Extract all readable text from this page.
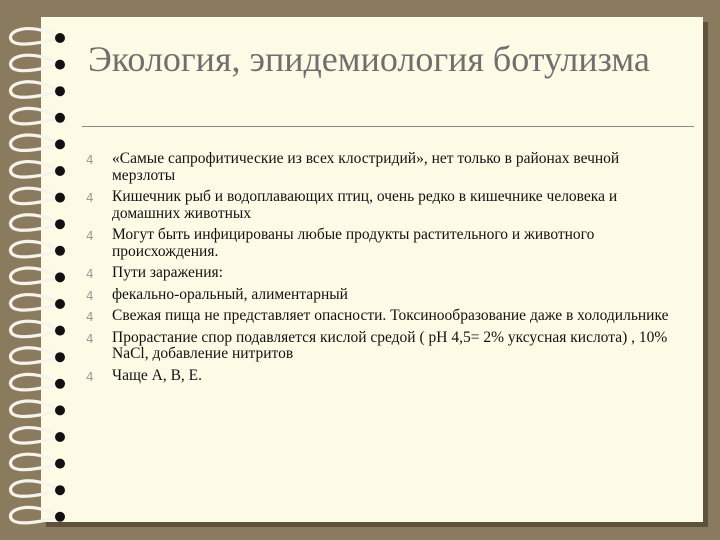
Экология, эпидемиология ботулизма
4 «Самые сапрофитические из всех клостридий», нет только в районах вечной мерзлоты
4 Кишечник рыб и водоплавающих птиц, очень редко в кишечнике человека и домашних животных
4 Могут быть инфицированы любые продукты растительного и животного происхождения.
4 Пути заражения:
4 фекально-оральный, алиментарный
4 Свежая пища не представляет опасности. Токсинообразование даже в холодильнике
4 Прорастание спор подавляется кислой средой ( рН 4,5= 2% уксусная кислота) , 10% NaCl, добавление нитритов
4 Чаще А, В, Е.
